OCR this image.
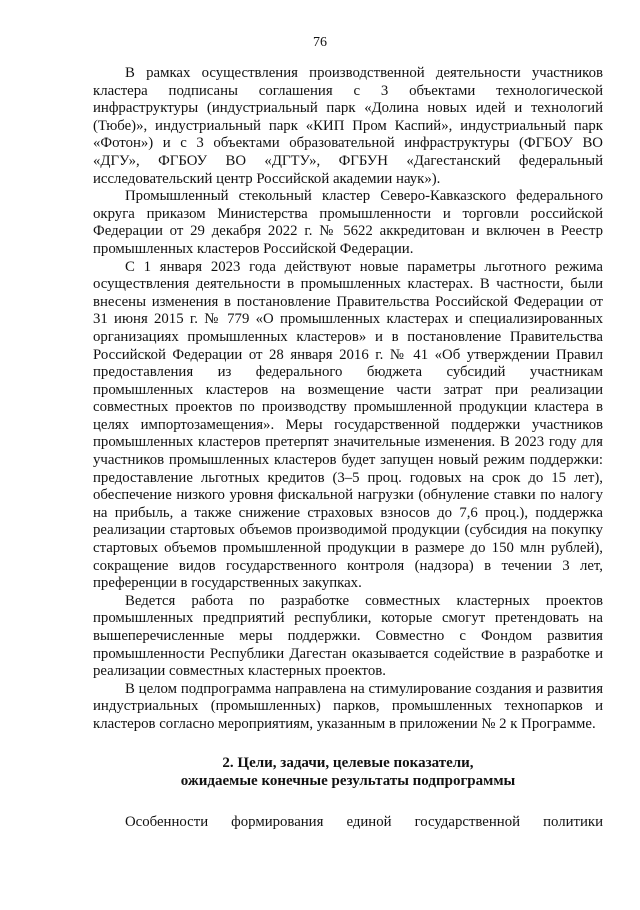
76

В рамках осуществления производственной деятельности участников кластера подписаны соглашения с 3 объектами технологической инфраструктуры (индустриальный парк «Долина новых идей и технологий (Тюбе)», индустриальный парк «КИП Пром Каспий», индустриальный парк «Фотон») и с 3 объектами образовательной инфраструктуры (ФГБОУ ВО «ДГУ», ФГБОУ ВО «ДГТУ», ФГБУН «Дагестанский федеральный исследовательский центр Российской академии наук»).

Промышленный стекольный кластер Северо-Кавказского федерального округа приказом Министерства промышленности и торговли российской Федерации от 29 декабря 2022 г. № 5622 аккредитован и включен в Реестр промышленных кластеров Российской Федерации.

С 1 января 2023 года действуют новые параметры льготного режима осуществления деятельности в промышленных кластерах. В частности, были внесены изменения в постановление Правительства Российской Федерации от 31 июня 2015 г. № 779 «О промышленных кластерах и специализированных организациях промышленных кластеров» и в постановление Правительства Российской Федерации от 28 января 2016 г. № 41 «Об утверждении Правил предоставления из федерального бюджета субсидий участникам промышленных кластеров на возмещение части затрат при реализации совместных проектов по производству промышленной продукции кластера в целях импортозамещения». Меры государственной поддержки участников промышленных кластеров претерпят значительные изменения. В 2023 году для участников промышленных кластеров будет запущен новый режим поддержки: предоставление льготных кредитов (3–5 проц. годовых на срок до 15 лет), обеспечение низкого уровня фискальной нагрузки (обнуление ставки по налогу на прибыль, а также снижение страховых взносов до 7,6 проц.), поддержка реализации стартовых объемов производимой продукции (субсидия на покупку стартовых объемов промышленной продукции в размере до 150 млн рублей), сокращение видов государственного контроля (надзора) в течении 3 лет, преференции в государственных закупках.

Ведется работа по разработке совместных кластерных проектов промышленных предприятий республики, которые смогут претендовать на вышеперечисленные меры поддержки. Совместно с Фондом развития промышленности Республики Дагестан оказывается содействие в разработке и реализации совместных кластерных проектов.

В целом подпрограмма направлена на стимулирование создания и развития индустриальных (промышленных) парков, промышленных технопарков и кластеров согласно мероприятиям, указанным в приложении № 2 к Программе.

2. Цели, задачи, целевые показатели,
ожидаемые конечные результаты подпрограммы

Особенности формирования единой государственной политики
